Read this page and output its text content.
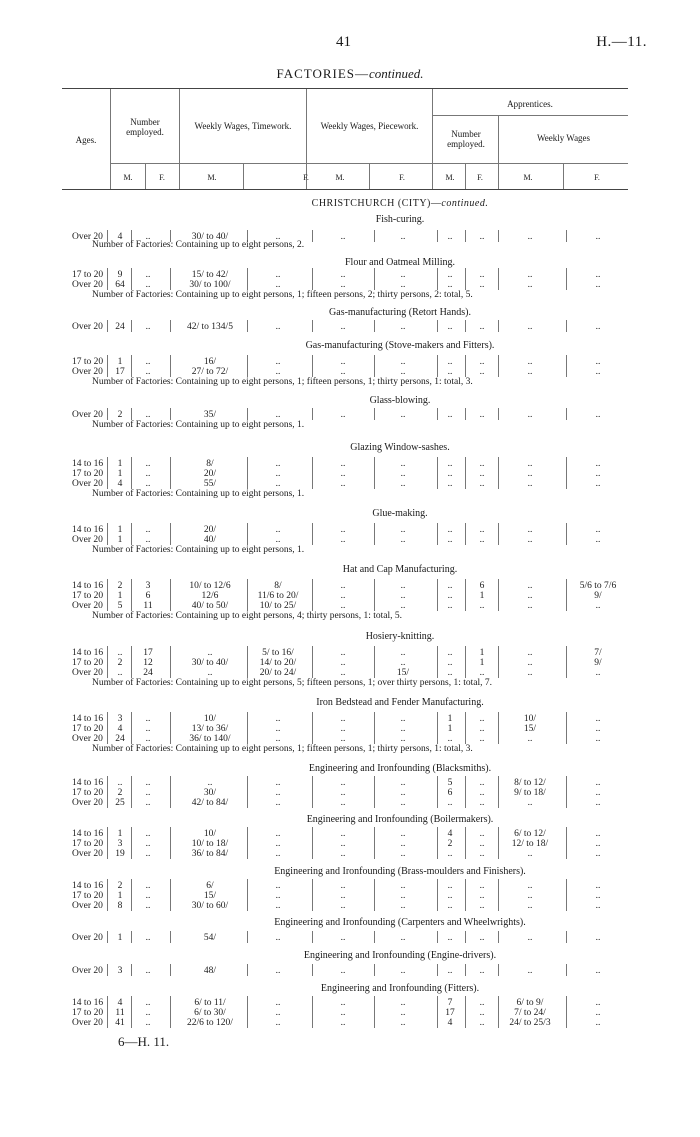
41	H.—11.
FACTORIES—continued.
Ages.
Number employed.
Weekly Wages, Timework.	Weekly Wages, Piecework.
Apprentices.
Number employed.
Weekly Wages
M.	F.	M.	F.	M.	F.	M.	F.	M.	F.
CHRISTCHURCH (CITY)—continued.
Fish-curing.
Over 20	4	..	30/ to 40/	..	..	..	..	..	..	..
Number of Factories: Containing up to eight persons, 2.
Flour and Oatmeal Milling.
17 to 20	9	..	15/ to 42/	..	..	..	..	..	..	..
Over 20	64	..	30/ to 100/	..	..	..	..	..	..	..
Number of Factories: Containing up to eight persons, 1; fifteen persons, 2; thirty persons, 2: total, 5.
Gas-manufacturing (Retort Hands).
Over 20	24	..	42/ to 134/5	..	..	..	..	..	..	..
Gas-manufacturing (Stove-makers and Fitters).
17 to 20	1	..	16/	..	..	..	..	..	..	..
Over 20	17	..	27/ to 72/	..	..	..	..	..	..	..
Number of Factories: Containing up to eight persons, 1; fifteen persons, 1; thirty persons, 1: total, 3.
Glass-blowing.
Over 20	2	..	35/	..	..	..	..	..	..	..
Number of Factories: Containing up to eight persons, 1.
Glazing Window-sashes.
14 to 16	1	..	8/	..	..	..	..	..	..	..
17 to 20	1	..	20/	..	..	..	..	..	..	..
Over 20	4	..	55/	..	..	..	..	..	..	..
Number of Factories: Containing up to eight persons, 1.
Glue-making.
14 to 16	1	..	20/	..	..	..	..	..	..	..
Over 20	1	..	40/	..	..	..	..	..	..	..
Number of Factories: Containing up to eight persons, 1.
Hat and Cap Manufacturing.
14 to 16	2	3	10/ to 12/6	8/	..	..	..	6	..	5/6 to 7/6
17 to 20	1	6	12/6	11/6 to 20/	..	..	..	1	..	9/
Over 20	5	11	40/ to 50/	10/ to 25/	..	..	..	..	..	..
Number of Factories: Containing up to eight persons, 4; thirty persons, 1: total, 5.
Hosiery-knitting.
14 to 16	..	17	..	5/ to 16/	..	..	..	1	..	7/
17 to 20	2	12	30/ to 40/	14/ to 20/	..	..	..	1	..	9/
Over 20	..	24	..	20/ to 24/	..	15/	..	..	..	..
Number of Factories: Containing up to eight persons, 5; fifteen persons, 1; over thirty persons, 1: total, 7.
Iron Bedstead and Fender Manufacturing.
14 to 16	3	..	10/	..	..	..	1	..	10/	..
17 to 20	4	..	13/ to 36/	..	..	..	1	..	15/	..
Over 20	24	..	36/ to 140/	..	..	..	..	..	..	..
Number of Factories: Containing up to eight persons, 1; fifteen persons, 1; thirty persons, 1: total, 3.
Engineering and Ironfounding (Blacksmiths).
14 to 16	..	..	..	..	..	..	5	..	8/ to 12/	..
17 to 20	2	..	30/	..	..	..	6	..	9/ to 18/	..
Over 20	25	..	42/ to 84/	..	..	..	..	..	..	..
Engineering and Ironfounding (Boilermakers).
14 to 16	1	..	10/	..	..	..	4	..	6/ to 12/	..
17 to 20	3	..	10/ to 18/	..	..	..	2	..	12/ to 18/	..
Over 20	19	..	36/ to 84/	..	..	..	..	..	..	..
Engineering and Ironfounding (Brass-moulders and Finishers).
14 to 16	2	..	6/	..	..	..	..	..	..	..
17 to 20	1	..	15/	..	..	..	..	..	..	..
Over 20	8	..	30/ to 60/	..	..	..	..	..	..	..
Engineering and Ironfounding (Carpenters and Wheelwrights).
Over 20	1	..	54/	..	..	..	..	..	..	..
Engineering and Ironfounding (Engine-drivers).
Over 20	3	..	48/	..	..	..	..	..	..	..
Engineering and Ironfounding (Fitters).
14 to 16	4	..	6/ to 11/	..	..	..	7	..	6/ to 9/	..
17 to 20	11	..	6/ to 30/	..	..	..	17	..	7/ to 24/	..
Over 20	41	..	22/6 to 120/	..	..	..	4	..	24/ to 25/3	..
6—H. 11.
